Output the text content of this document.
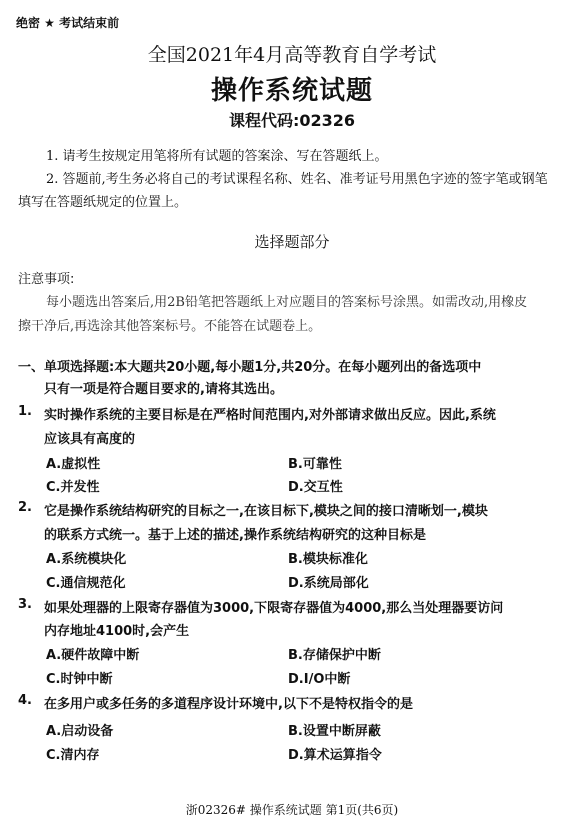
绝密 ★ 考试结束前
全国2021年4月高等教育自学考试
操作系统试题
课程代码:02326
1. 请考生按规定用笔将所有试题的答案涂、写在答题纸上。
2. 答题前,考生务必将自己的考试课程名称、姓名、准考证号用黑色字迹的签字笔或钢笔
填写在答题纸规定的位置上。
选择题部分
注意事项:
每小题选出答案后,用2B铅笔把答题纸上对应题目的答案标号涂黑。如需改动,用橡皮
擦干净后,再选涂其他答案标号。不能答在试题卷上。
一、单项选择题:本大题共20小题,每小题1分,共20分。在每小题列出的备选项中
只有一项是符合题目要求的,请将其选出。
1. 实时操作系统的主要目标是在严格时间范围内,对外部请求做出反应。因此,系统
应该具有高度的
A.虚拟性	B.可靠性
C.并发性	D.交互性
2. 它是操作系统结构研究的目标之一,在该目标下,模块之间的接口清晰划一,模块
的联系方式统一。基于上述的描述,操作系统结构研究的这种目标是
A.系统模块化	B.模块标准化
C.通信规范化	D.系统局部化
3. 如果处理器的上限寄存器值为3000,下限寄存器值为4000,那么当处理器要访问
内存地址4100时,会产生
A.硬件故障中断	B.存储保护中断
C.时钟中断	D.I/O中断
4. 在多用户或多任务的多道程序设计环境中,以下不是特权指令的是
A.启动设备	B.设置中断屏蔽
C.清内存	D.算术运算指令
浙02326# 操作系统试题 第1页(共6页)
